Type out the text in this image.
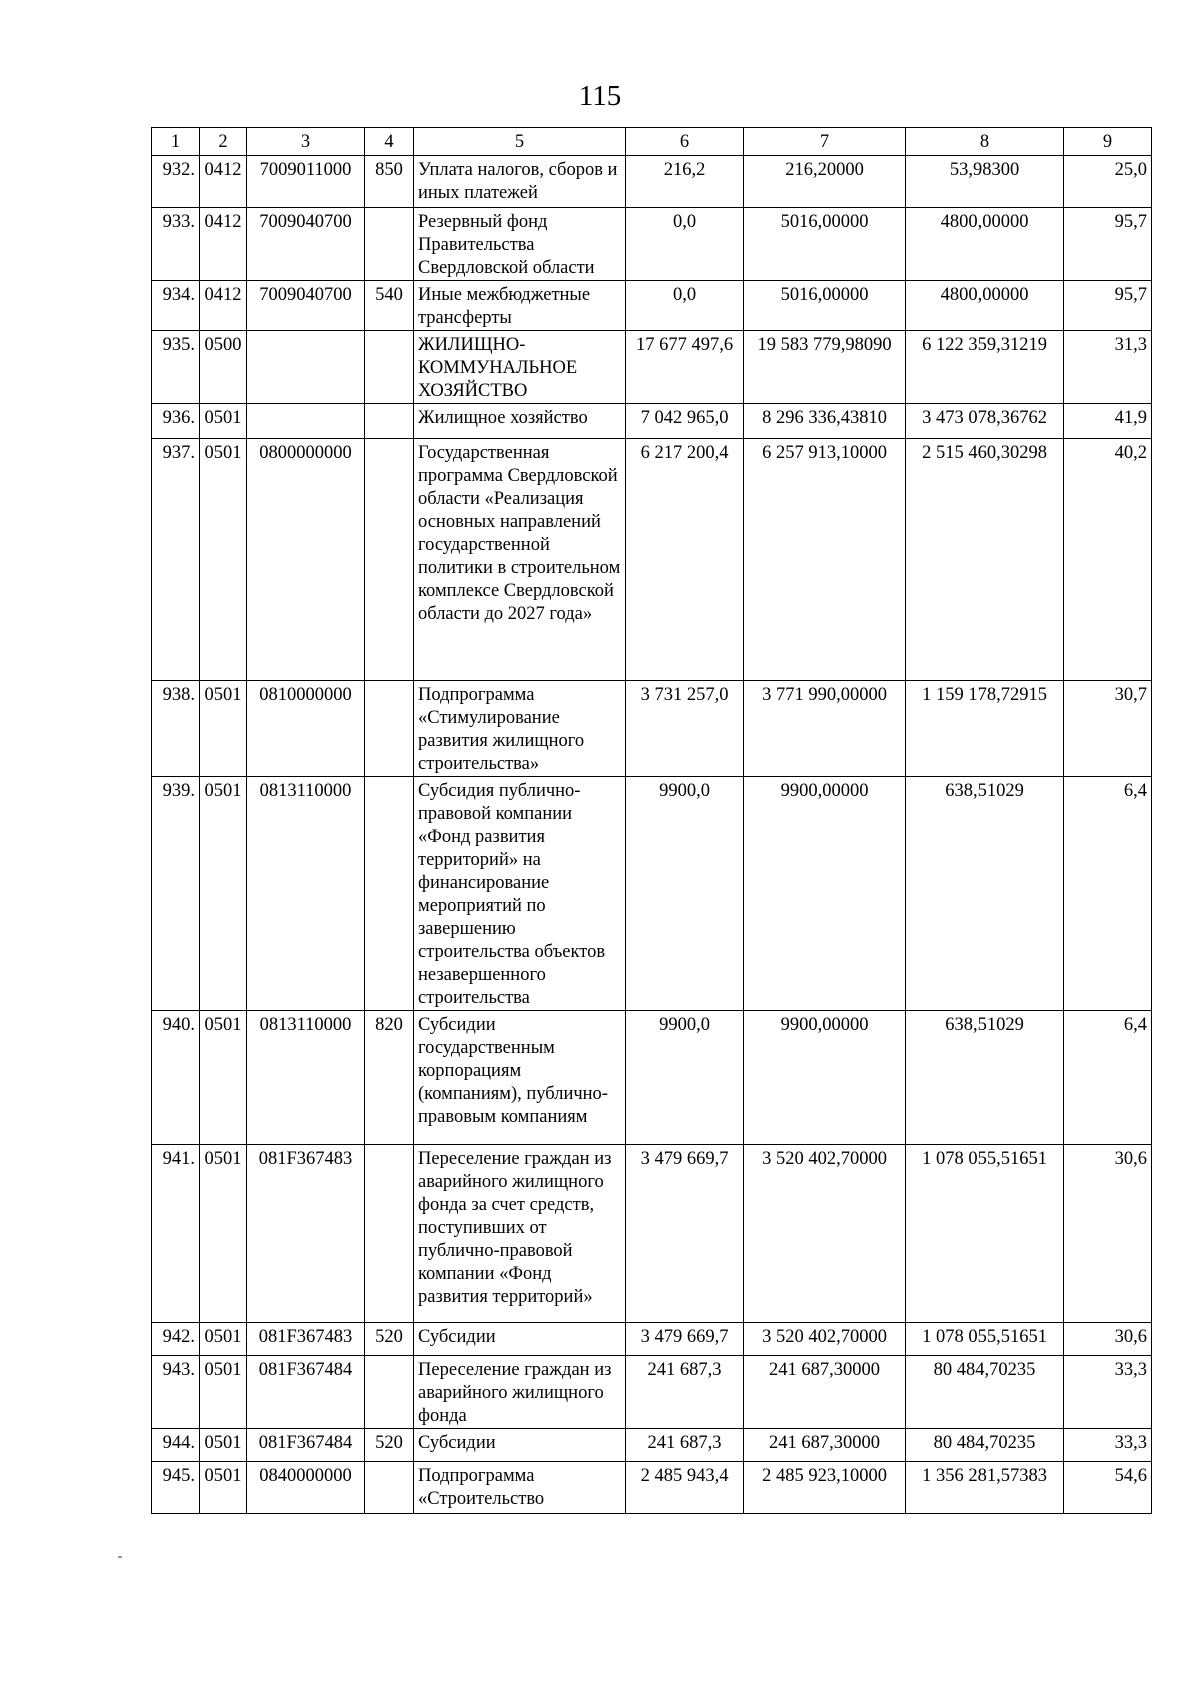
115
1	2	3	4	5	6	7	8	9
932.	0412	7009011000	850	Уплата налогов, сборов и иных платежей	216,2	216,20000	53,98300	25,0
933.	0412	7009040700		Резервный фонд Правительства Свердловской области	0,0	5016,00000	4800,00000	95,7
934.	0412	7009040700	540	Иные межбюджетные трансферты	0,0	5016,00000	4800,00000	95,7
935.	0500			ЖИЛИЩНО-КОММУНАЛЬНОЕ ХОЗЯЙСТВО	17 677 497,6	19 583 779,98090	6 122 359,31219	31,3
936.	0501			Жилищное хозяйство	7 042 965,0	8 296 336,43810	3 473 078,36762	41,9
937.	0501	0800000000		Государственная программа Свердловской области «Реализация основных направлений государственной политики в строительном комплексе Свердловской области до 2027 года»	6 217 200,4	6 257 913,10000	2 515 460,30298	40,2
938.	0501	0810000000		Подпрограмма «Стимулирование развития жилищного строительства»	3 731 257,0	3 771 990,00000	1 159 178,72915	30,7
939.	0501	0813110000		Субсидия публично-правовой компании «Фонд развития территорий» на финансирование мероприятий по завершению строительства объектов незавершенного строительства	9900,0	9900,00000	638,51029	6,4
940.	0501	0813110000	820	Субсидии государственным корпорациям (компаниям), публично-правовым компаниям	9900,0	9900,00000	638,51029	6,4
941.	0501	081F367483		Переселение граждан из аварийного жилищного фонда за счет средств, поступивших от публично-правовой компании «Фонд развития территорий»	3 479 669,7	3 520 402,70000	1 078 055,51651	30,6
942.	0501	081F367483	520	Субсидии	3 479 669,7	3 520 402,70000	1 078 055,51651	30,6
943.	0501	081F367484		Переселение граждан из аварийного жилищного фонда	241 687,3	241 687,30000	80 484,70235	33,3
944.	0501	081F367484	520	Субсидии	241 687,3	241 687,30000	80 484,70235	33,3
945.	0501	0840000000		Подпрограмма «Строительство	2 485 943,4	2 485 923,10000	1 356 281,57383	54,6
